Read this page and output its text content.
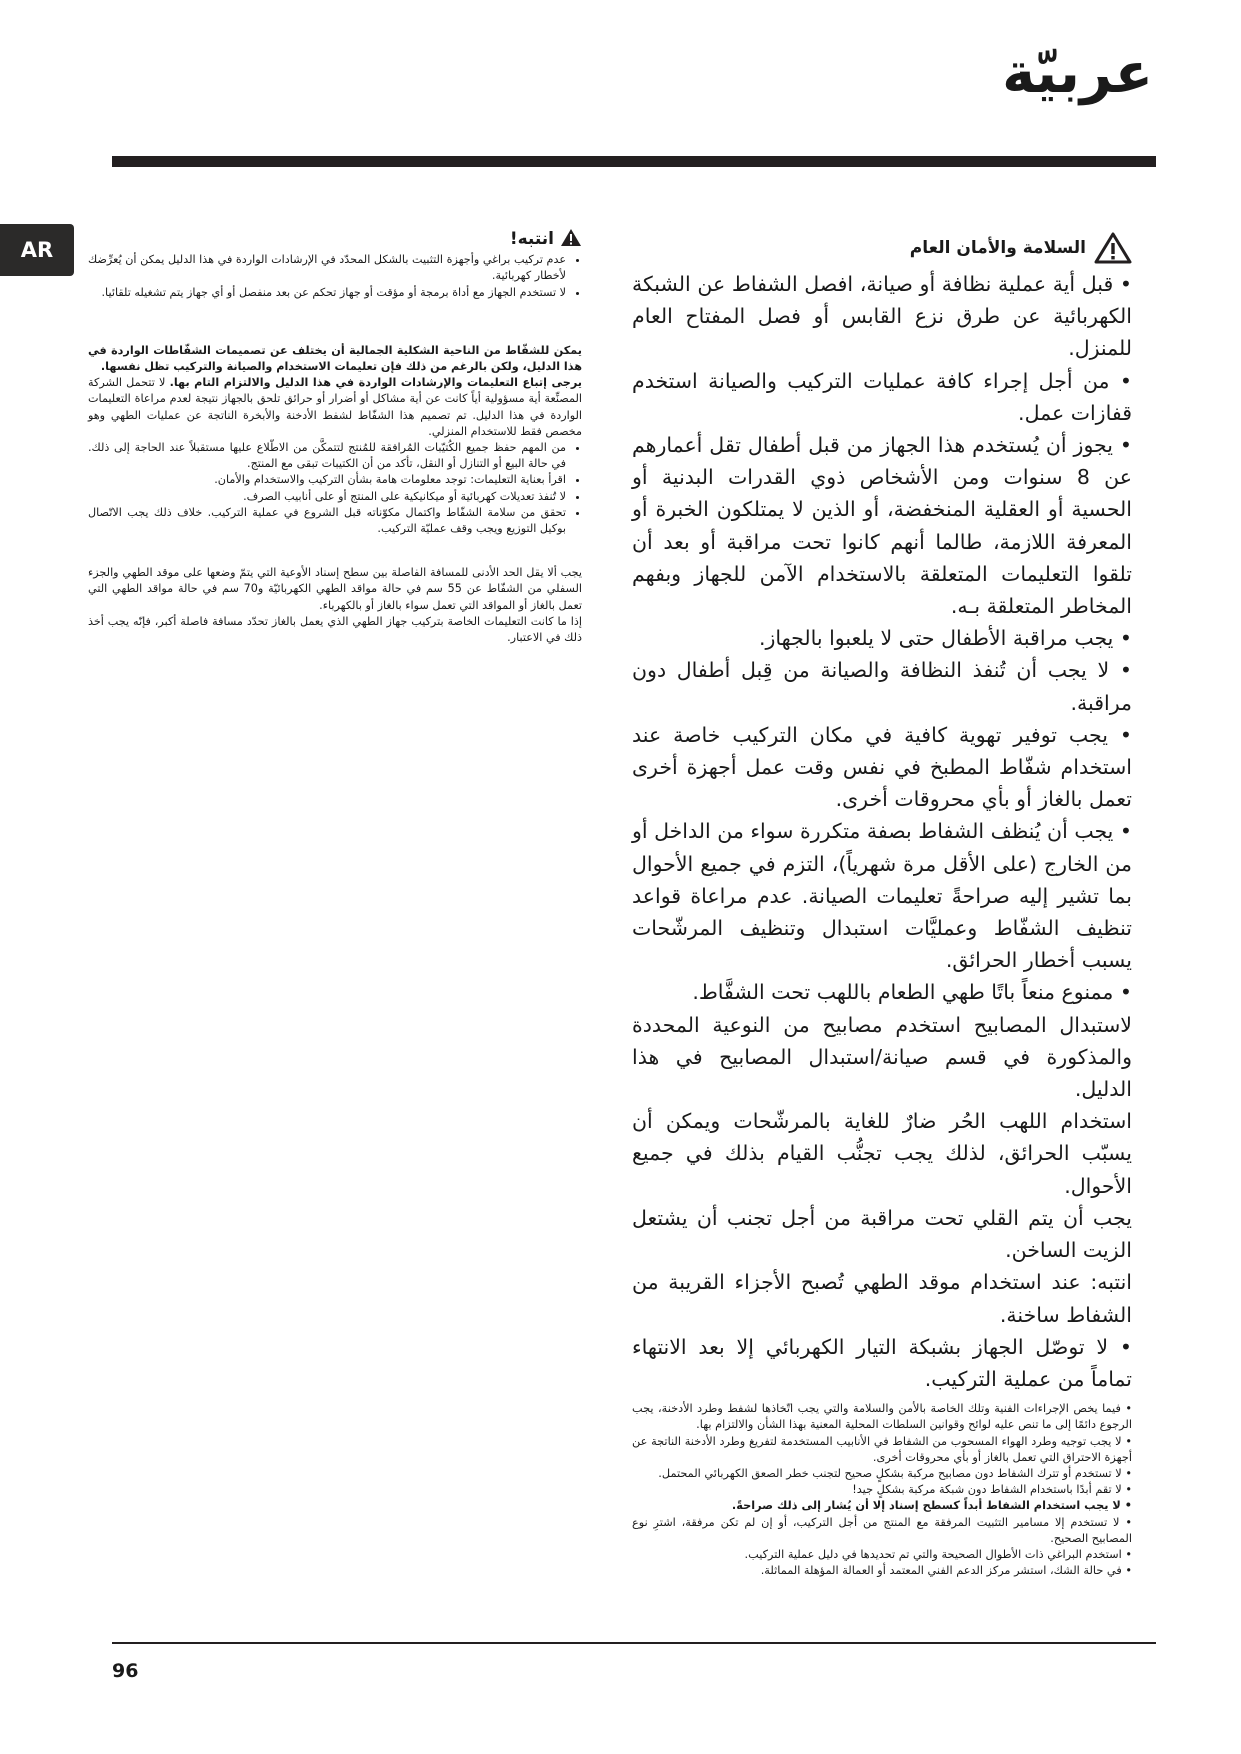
عربيّة
AR	السلامة والأمان العام

• قبل أية عملية نظافة أو صيانة، افصل الشفاط عن الشبكة الكهربائية عن طرق نزع القابس أو فصل المفتاح العام للمنزل.

• من أجل إجراء كافة عمليات التركيب والصيانة استخدم قفازات عمل.

• يجوز أن يُستخدم هذا الجهاز من قبل أطفال تقل أعمارهم عن 8 سنوات ومن الأشخاص ذوي القدرات البدنية أو الحسية أو العقلية المنخفضة، أو الذين لا يمتلكون الخبرة أو المعرفة اللازمة، طالما أنهم كانوا تحت مراقبة أو بعد أن تلقوا التعليمات المتعلقة بالاستخدام الآمن للجهاز وبفهم المخاطر المتعلقة بـه.

• يجب مراقبة الأطفال حتى لا يلعبوا بالجهاز.

• لا يجب أن تُنفذ النظافة والصيانة من قِبل أطفال دون مراقبة.

• يجب توفير تهوية كافية في مكان التركيب خاصة عند استخدام شفّاط المطبخ في نفس وقت عمل أجهزة أخرى تعمل بالغاز أو بأي محروقات أخرى.

• يجب أن يُنظف الشفاط بصفة متكررة سواء من الداخل أو من الخارج (على الأقل مرة شهرياً)، التزم في جميع الأحوال بما تشير إليه صراحةً تعليمات الصيانة. عدم مراعاة قواعد تنظيف الشفّاط وعمليَّات استبدال وتنظيف المرشّحات يسبب أخطار الحرائق.

• ممنوع منعاً باتًا طهي الطعام باللهب تحت الشفَّاط.

لاستبدال المصابيح استخدم مصابيح من النوعية المحددة والمذكورة في قسم صيانة/استبدال المصابيح في هذا الدليل.

استخدام اللهب الحُر ضارٌ للغاية بالمرشّحات ويمكن أن يسبّب الحرائق، لذلك يجب تجنُّب القيام بذلك في جميع الأحوال.

يجب أن يتم القلي تحت مراقبة من أجل تجنب أن يشتعل الزيت الساخن.

انتبه: عند استخدام موقد الطهي تُصبح الأجزاء القريبة من الشفاط ساخنة.

• لا توصّل الجهاز بشبكة التيار الكهربائي إلا بعد الانتهاء تماماً من عملية التركيب.

• فيما يخص الإجراءات الفنية وتلك الخاصة بالأمن والسلامة والتي يجب اتّخاذها لشفط وطرد الأدخنة، يجب الرجوع دائمًا إلى ما تنص عليه لوائح وقوانين السلطات المحلية المعنية بهذا الشأن والالتزام بها.

• لا يجب توجيه وطرد الهواء المسحوب من الشفاط في الأنابيب المستخدمة لتفريغ وطرد الأدخنة الناتجة عن أجهزة الاحتراق التي تعمل بالغاز أو بأي محروقات أخرى.

• لا تستخدم أو تترك الشفاط دون مصابيح مركبة بشكلٍ صحيح لتجنب خطر الصعق الكهربائي المحتمل.

• لا تقم أبدًا باستخدام الشفاط دون شبكة مركبة بشكلٍ جيد!

• لا يجب استخدام الشفاط أبداً كسطح إسناد إلا أن يُشار إلى ذلك صراحةً.

• لا تستخدم إلا مسامير التثبيت المرفقة مع المنتج من أجل التركيب، أو إن لم تكن مرفقة، اشترِ نوع المصابيح الصحيح.

• استخدم البراغي ذات الأطوال الصحيحة والتي تم تحديدها في دليل عملية التركيب.

• في حالة الشك، استشر مركز الدعم الفني المعتمد أو العمالة المؤهلة المماثلة.

انتبه!
• عدم تركيب براغي وأجهزة التثبيت بالشكل المحدّد في الإرشادات الواردة في هذا الدليل يمكن أن يُعرِّضك لأخطار كهربائية.
• لا تستخدم الجهاز مع أداة برمجة أو مؤقت أو جهاز تحكم عن بعد منفصل أو أي جهاز يتم تشغيله تلقائيا.

يمكن للشفّاط من الناحية الشكلية الجمالية أن يختلف عن تصميمات الشفّاطات الواردة في هذا الدليل، ولكن بالرغم من ذلك فإن تعليمات الاستخدام والصيانة والتركيب تظل نفسها.

يرجى إتباع التعليمات والإرشادات الواردة في هذا الدليل والالتزام التام بها. لا تتحمل الشركة المصنِّعة أية مسؤولية أياً كانت عن أية مشاكل أو أضرار أو حرائق تلحق بالجهاز نتيجة لعدم مراعاة التعليمات الواردة في هذا الدليل. تم تصميم هذا الشفّاط لشفط الأدخنة والأبخرة الناتجة عن عمليات الطهي وهو مخصص فقط للاستخدام المنزلي.

• من المهم حفظ جميع الكُتيّبات المُرافقة للمُنتج لتتمكَّن من الاطّلاع عليها مستقبلاً عند الحاجة إلى ذلك. في حالة البيع أو التنازل أو النقل، تأكد من أن الكتيبات تبقى مع المنتج.
• اقرأ بعناية التعليمات: توجد معلومات هامة بشأن التركيب والاستخدام والأمان.
• لا تُنفذ تعديلات كهربائية أو ميكانيكية على المنتج أو على أنابيب الصرف.
• تحقق من سلامة الشفّاط واكتمال مكوّناته قبل الشروع في عملية التركيب. خلاف ذلك يجب الاتّصال بوكيل التوزيع ويجب وقف عمليّة التركيب.

يجب ألا يقل الحد الأدنى للمسافة الفاصلة بين سطح إسناد الأوعية التي يتمّ وضعها على موقد الطهي والجزء السفلي من الشفّاط عن 55 سم في حالة مواقد الطهي الكهربائيّة و70 سم في حالة مواقد الطهي التي تعمل بالغاز أو المواقد التي تعمل سواء بالغاز أو بالكهرباء.

إذا ما كانت التعليمات الخاصة بتركيب جهاز الطهي الذي يعمل بالغاز تحدّد مسافة فاصلة أكبر، فإنّه يجب أخذ ذلك في الاعتبار.

96
